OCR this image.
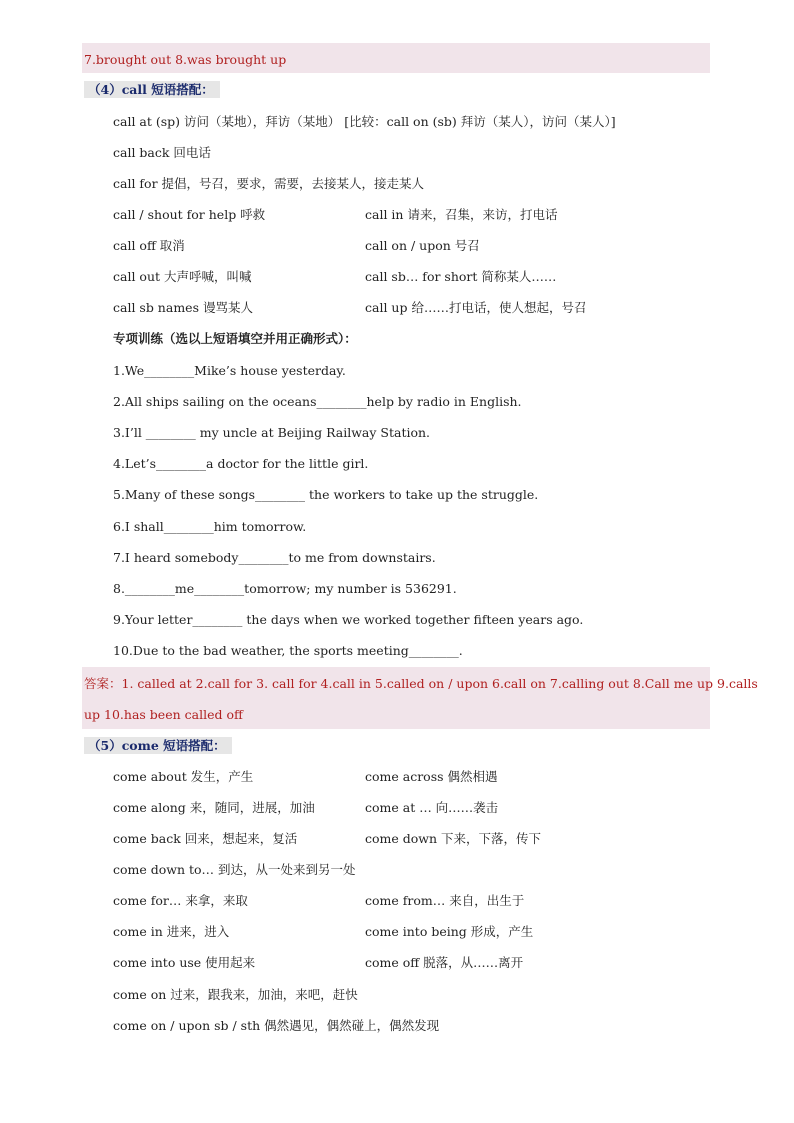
7.brought out 8.was brought up
（4）call 短语搭配：
call at (sp) 访问（某地），拜访（某地） [比较：call on (sb) 拜访（某人），访问（某人）]
call back 回电话
call for 提倡，号召，要求，需要，去接某人，接走某人
call / shout for help 呼救	call in 请来，召集，来访，打电话
call off 取消	call on / upon 号召
call out 大声呼喊，叫喊	call sb… for short 简称某人……
call sb names 谩骂某人	call up 给……打电话，使人想起，号召
专项训练（选以上短语填空并用正确形式）：
1.We________Mike’s house yesterday.
2.All ships sailing on the oceans________help by radio in English.
3.I’ll ________ my uncle at Beijing Railway Station.
4.Let’s________a doctor for the little girl.
5.Many of these songs________ the workers to take up the struggle.
6.I shall________him tomorrow.
7.I heard somebody________to me from downstairs.
8.________me________tomorrow; my number is 536291.
9.Your letter________ the days when we worked together fifteen years ago.
10.Due to the bad weather, the sports meeting________.
答案：1. called at 2.call for 3. call for 4.call in 5.called on / upon 6.call on 7.calling out 8.Call me up 9.calls
up 10.has been called off
（5）come 短语搭配：
come about 发生，产生	come across 偶然相遇
come along 来，随同，进展，加油	come at … 向……袭击
come back 回来，想起来，复活	come down 下来，下落，传下
come down to… 到达，从一处来到另一处
come for… 来拿，来取	come from… 来自，出生于
come in 进来，进入	come into being 形成，产生
come into use 使用起来	come off 脱落，从……离开
come on 过来，跟我来，加油，来吧，赶快
come on / upon sb / sth 偶然遇见，偶然碰上，偶然发现
